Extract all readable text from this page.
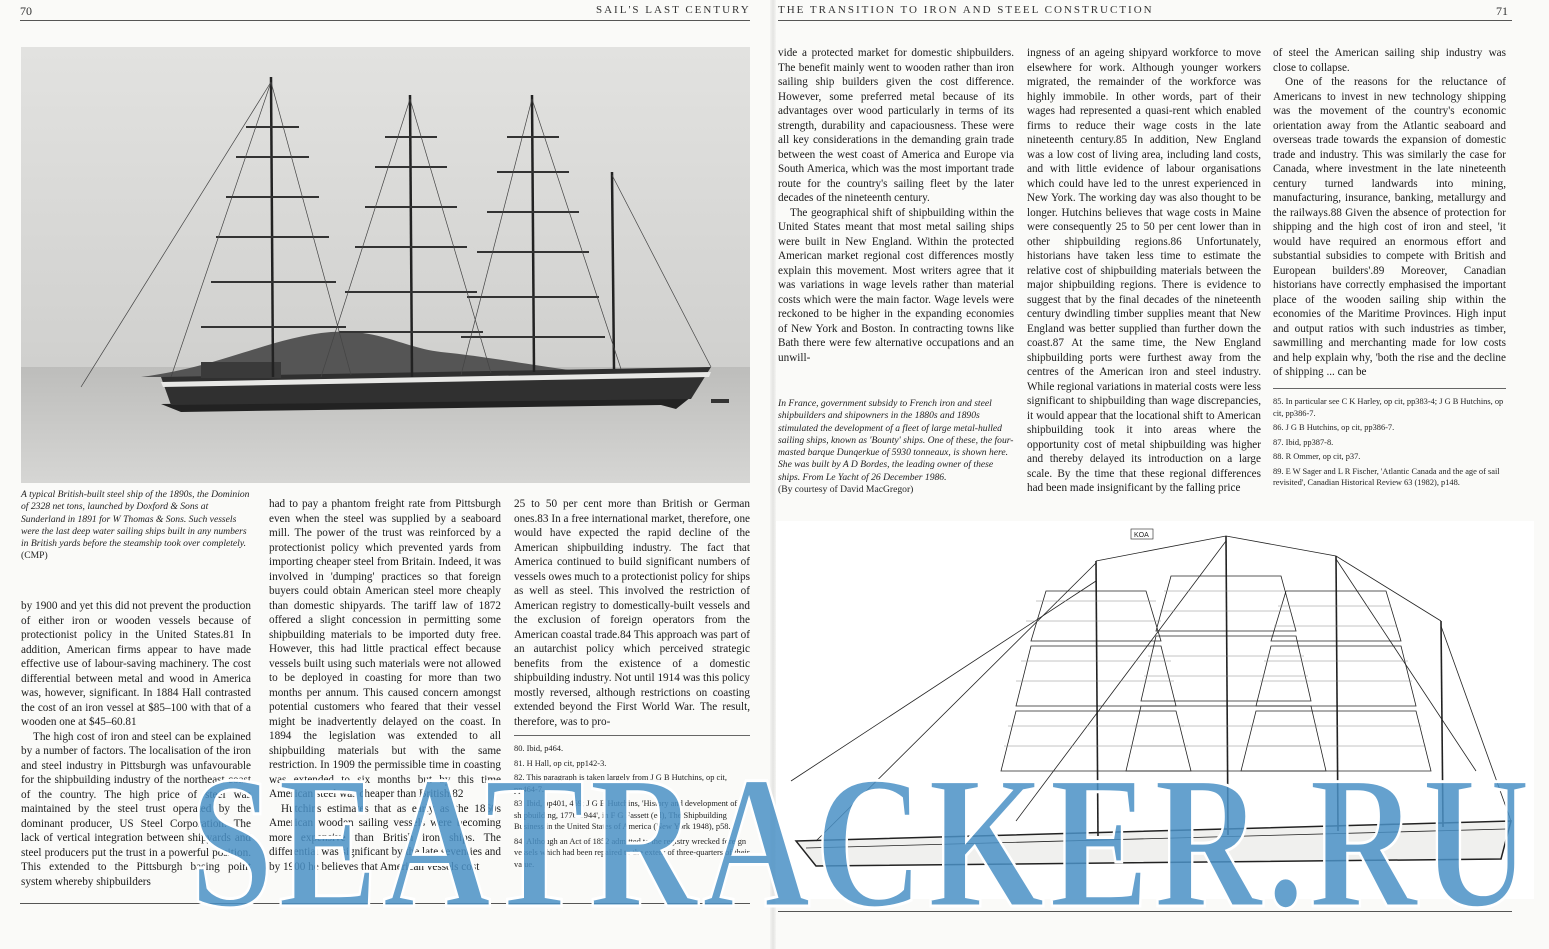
70	SAIL'S LAST CENTURY
A typical British-built steel ship of the 1890s, the Dominion of 2328 net tons, launched by Doxford & Sons at Sunderland in 1891 for W Thomas & Sons. Such vessels were the last deep water sailing ships built in any numbers in British yards before the steamship took over completely. (CMP)

by 1900 and yet this did not prevent the production of either iron or wooden vessels because of protectionist policy in the United States.81 In addition, American firms appear to have made effective use of labour-saving machinery. The cost differential between metal and wood in America was, however, significant. In 1884 Hall contrasted the cost of an iron vessel at $85–100 with that of a wooden one at $45–60.81

The high cost of iron and steel can be explained by a number of factors. The localisation of the iron and steel industry in Pittsburgh was unfavourable for the shipbuilding industry of the northeast coast of the country. The high price of steel was maintained by the steel trust operated by the dominant producer, US Steel Corporation. The lack of vertical integration between shipyards and steel producers put the trust in a powerful position. This extended to the Pittsburgh basing point system whereby shipbuilders

had to pay a phantom freight rate from Pittsburgh even when the steel was supplied by a seaboard mill. The power of the trust was reinforced by a protectionist policy which prevented yards from importing cheaper steel from Britain. Indeed, it was involved in 'dumping' practices so that foreign buyers could obtain American steel more cheaply than domestic shipyards. The tariff law of 1872 offered a slight concession in permitting some shipbuilding materials to be imported duty free. However, this had little practical effect because vessels built using such materials were not allowed to be deployed in coasting for more than two months per annum. This caused concern amongst potential customers who feared that their vessel might be inadvertently delayed on the coast. In 1894 the legislation was extended to all shipbuilding materials but with the same restriction. In 1909 the permissible time in coasting was extended to six months but by this time American steel was cheaper than British.82

Hutchins estimates that as early as the 1860s American wooden sailing vessels were becoming more expensive than British iron ships. The differential was significant by the late seventies and by 1900 he believes that American vessels cost

25 to 50 per cent more than British or German ones.83 In a free international market, therefore, one would have expected the rapid decline of the American shipbuilding industry. The fact that America continued to build significant numbers of vessels owes much to a protectionist policy for ships as well as steel. This involved the restriction of American registry to domestically-built vessels and the exclusion of foreign operators from the American coastal trade.84 This approach was part of an autarchist policy which perceived strategic benefits from the existence of a domestic shipbuilding industry. Not until 1914 was this policy mostly reversed, although restrictions on coasting extended beyond the First World War. The result, therefore, was to pro-

80. Ibid, p464.
81. H Hall, op cit, pp142-3.
82. This paragraph is taken largely from J G B Hutchins, op cit, pp464-7.
83. Ibid, pp401, 469; J G B Hutchins, 'History and development of shipbuilding, 1776-1944', in F G Fassett (ed), The Shipbuilding Business in the United States of America (New York 1948), p58.
84. Although an Act of 1852 admitted to the registry wrecked foreign vessels which had been repaired to the extent of three-quarters of their value.
THE TRANSITION TO IRON AND STEEL CONSTRUCTION	71

vide a protected market for domestic shipbuilders. The benefit mainly went to wooden rather than iron sailing ship builders given the cost difference. However, some preferred metal because of its advantages over wood particularly in terms of its strength, durability and capaciousness. These were all key considerations in the demanding grain trade between the west coast of America and Europe via South America, which was the most important trade route for the country's sailing fleet by the later decades of the nineteenth century.

The geographical shift of shipbuilding within the United States meant that most metal sailing ships were built in New England. Within the protected American market regional cost differences mostly explain this movement. Most writers agree that it was variations in wage levels rather than material costs which were the main factor. Wage levels were reckoned to be higher in the expanding economies of New York and Boston. In contracting towns like Bath there were few alternative occupations and an unwill-

In France, government subsidy to French iron and steel shipbuilders and shipowners in the 1880s and 1890s stimulated the development of a fleet of large metal-hulled sailing ships, known as 'Bounty' ships. One of these, the four-masted barque Dunqerkue of 5930 tonneaux, is shown here. She was built by A D Bordes, the leading owner of these ships. From Le Yacht of 26 December 1986.
(By courtesy of David MacGregor)

ingness of an ageing shipyard workforce to move elsewhere for work. Although younger workers migrated, the remainder of the workforce was highly immobile. In other words, part of their wages had represented a quasi-rent which enabled firms to reduce their wage costs in the late nineteenth century.85 In addition, New England was a low cost of living area, including land costs, and with little evidence of labour organisations which could have led to the unrest experienced in New York. The working day was also thought to be longer. Hutchins believes that wage costs in Maine were consequently 25 to 50 per cent lower than in other shipbuilding regions.86 Unfortunately, historians have taken less time to estimate the relative cost of shipbuilding materials between the major shipbuilding regions. There is evidence to suggest that by the final decades of the nineteenth century dwindling timber supplies meant that New England was better supplied than further down the coast.87 At the same time, the New England shipbuilding ports were furthest away from the centres of the American iron and steel industry. While regional variations in material costs were less significant to shipbuilding than wage discrepancies, it would appear that the locational shift to American shipbuilding took it into areas where the opportunity cost of metal shipbuilding was higher and thereby delayed its introduction on a large scale. By the time that these regional differences had been made insignificant by the falling price

of steel the American sailing ship industry was close to collapse.

One of the reasons for the reluctance of Americans to invest in new technology shipping was the movement of the country's economic orientation away from the Atlantic seaboard and overseas trade towards the expansion of domestic trade and industry. This was similarly the case for Canada, where investment in the late nineteenth century turned landwards into mining, manufacturing, insurance, banking, metallurgy and the railways.88 Given the absence of protection for shipping and the high cost of iron and steel, 'it would have required an enormous effort and substantial subsidies to compete with British and European builders'.89 Moreover, Canadian historians have correctly emphasised the important place of the wooden sailing ship within the economies of the Maritime Provinces. High input and output ratios with such industries as timber, sawmilling and merchanting made for low costs and help explain why, 'both the rise and the decline of shipping ... can be

85. In particular see C K Harley, op cit, pp383-4; J G B Hutchins, op cit, pp386-7.
86. J G B Hutchins, op cit, pp386-7.
87. Ibid, pp387-8.
88. R Ommer, op cit, p37.
89. E W Sager and L R Fischer, 'Atlantic Canada and the age of sail revisited', Canadian Historical Review 63 (1982), p148.
KOA
SEATRACKER.RU
